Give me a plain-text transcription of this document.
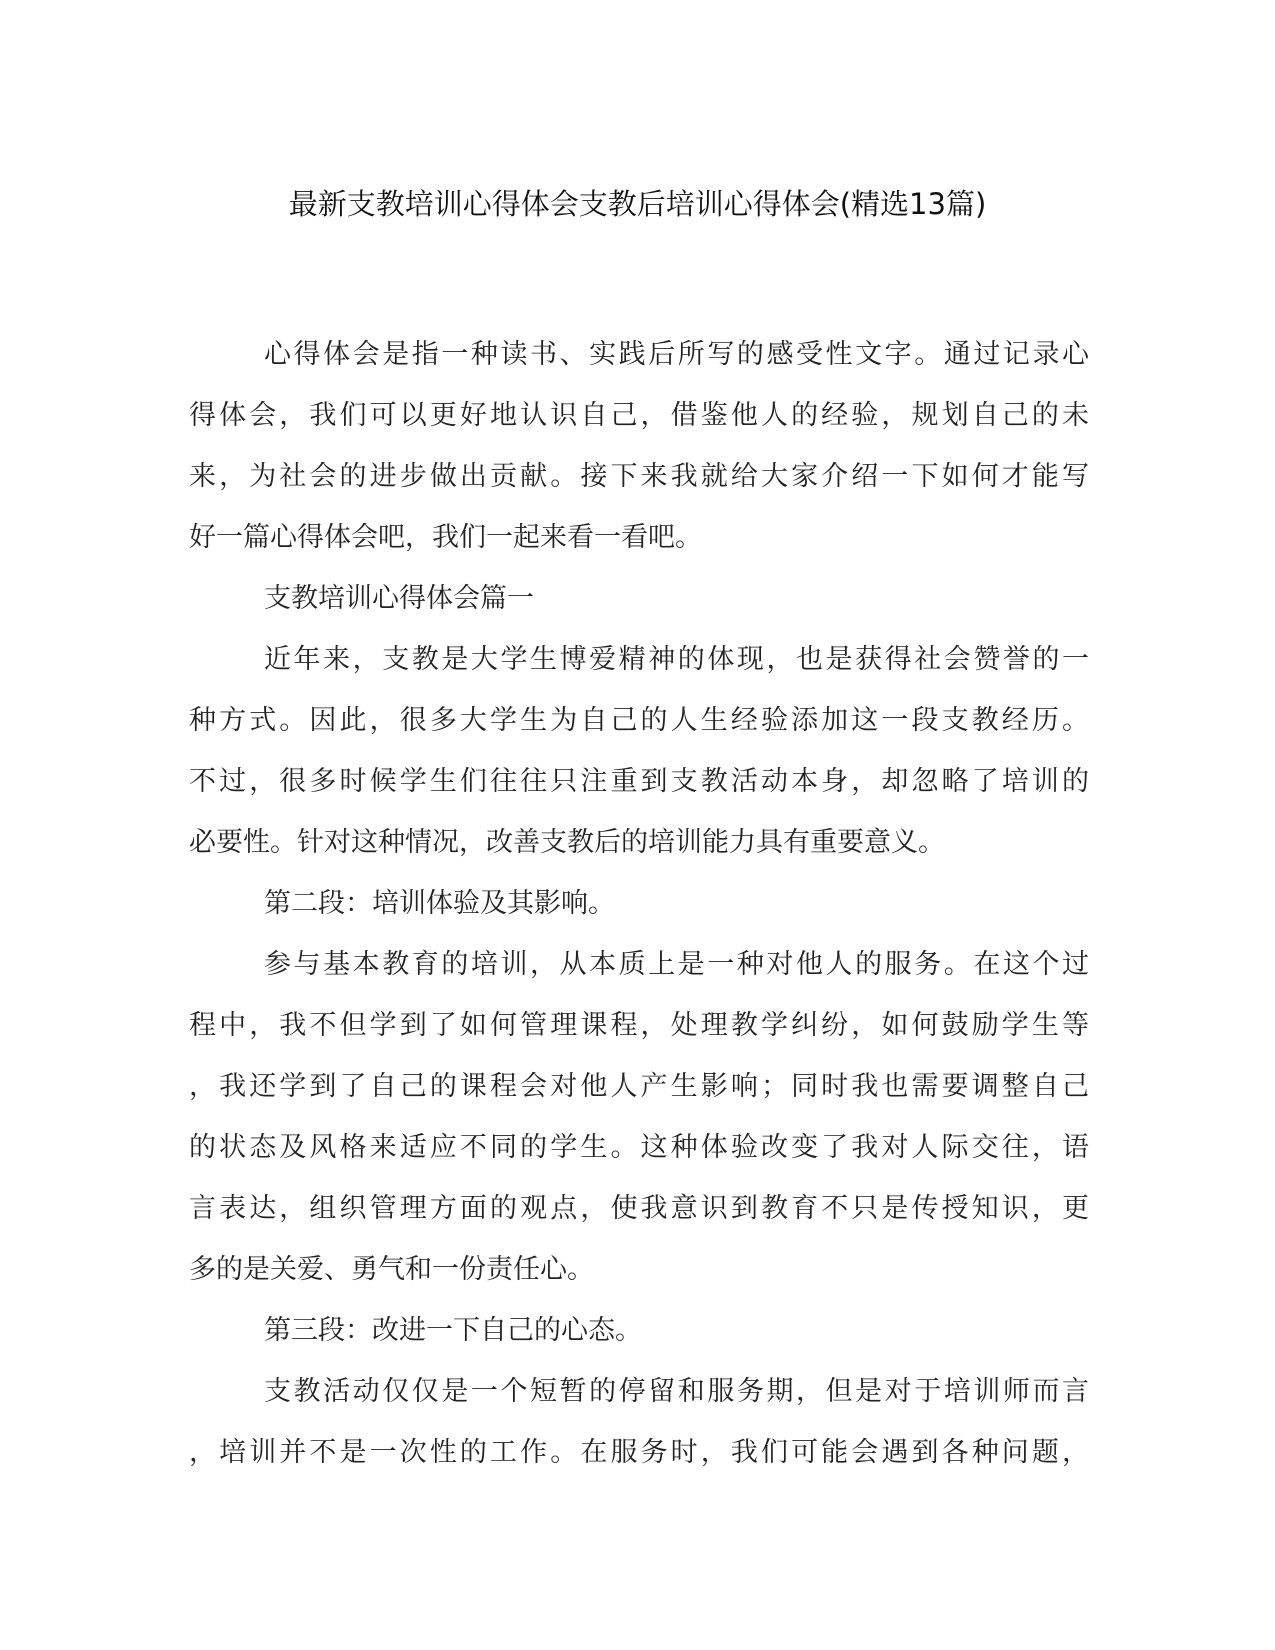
最新支教培训心得体会支教后培训心得体会(精选13篇)
心得体会是指一种读书、实践后所写的感受性文字。通过记录心
得体会，我们可以更好地认识自己，借鉴他人的经验，规划自己的未
来，为社会的进步做出贡献。接下来我就给大家介绍一下如何才能写
好一篇心得体会吧，我们一起来看一看吧。
支教培训心得体会篇一
近年来，支教是大学生博爱精神的体现，也是获得社会赞誉的一
种方式。因此，很多大学生为自己的人生经验添加这一段支教经历。
不过，很多时候学生们往往只注重到支教活动本身，却忽略了培训的
必要性。针对这种情况，改善支教后的培训能力具有重要意义。
第二段：培训体验及其影响。
参与基本教育的培训，从本质上是一种对他人的服务。在这个过
程中，我不但学到了如何管理课程，处理教学纠纷，如何鼓励学生等
，我还学到了自己的课程会对他人产生影响；同时我也需要调整自己
的状态及风格来适应不同的学生。这种体验改变了我对人际交往，语
言表达，组织管理方面的观点，使我意识到教育不只是传授知识，更
多的是关爱、勇气和一份责任心。
第三段：改进一下自己的心态。
支教活动仅仅是一个短暂的停留和服务期，但是对于培训师而言
，培训并不是一次性的工作。在服务时，我们可能会遇到各种问题，
